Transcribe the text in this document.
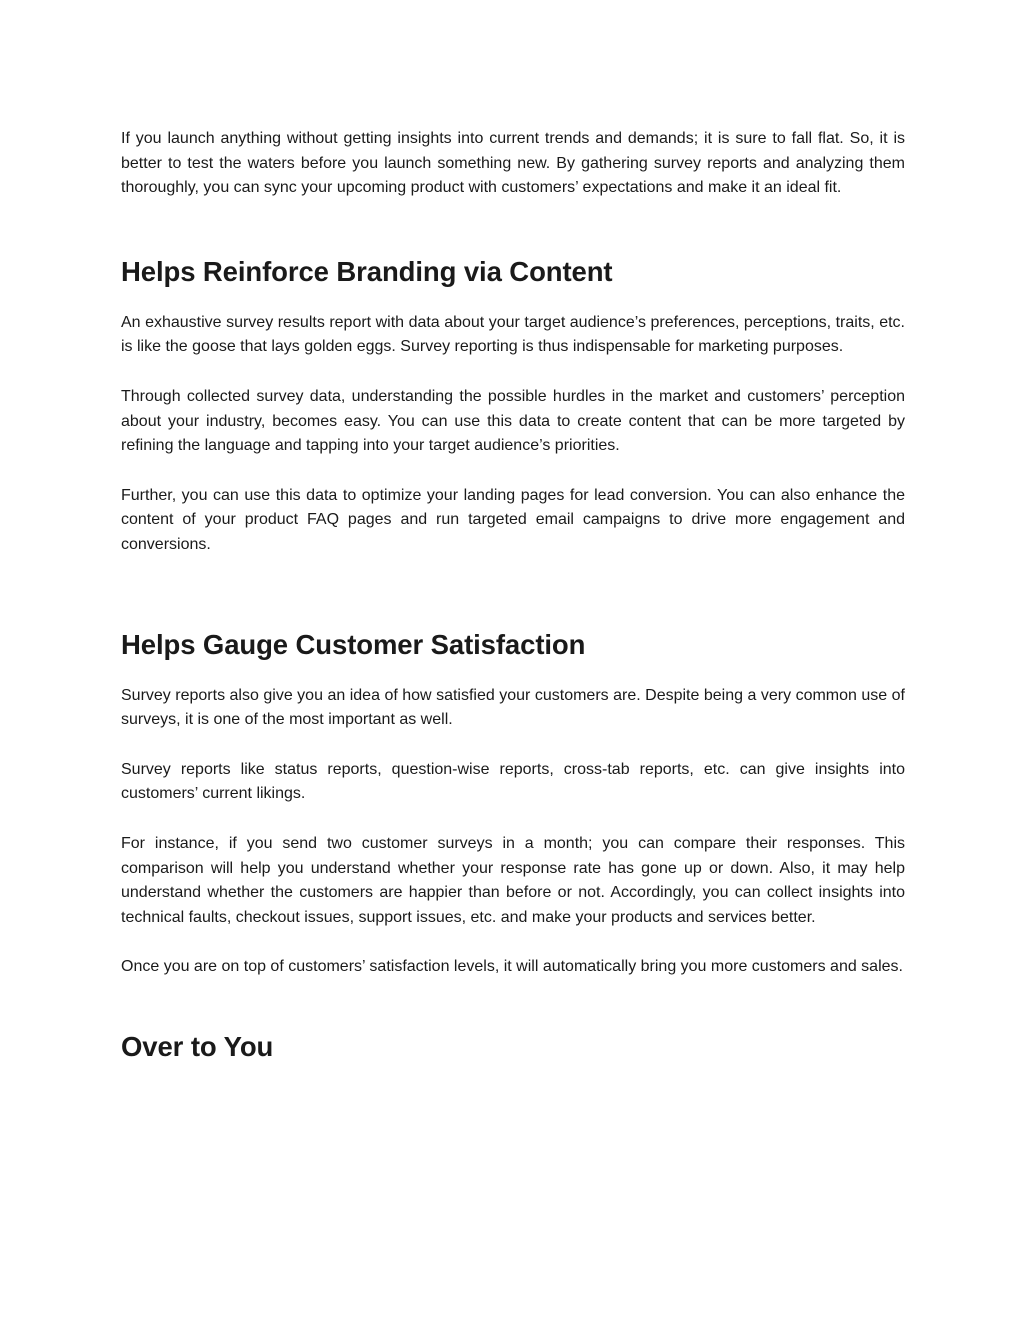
If you launch anything without getting insights into current trends and demands; it is sure to fall flat. So, it is better to test the waters before you launch something new. By gathering survey reports and analyzing them thoroughly, you can sync your upcoming product with customers’ expectations and make it an ideal fit.

Helps Reinforce Branding via Content

An exhaustive survey results report with data about your target audience’s preferences, perceptions, traits, etc. is like the goose that lays golden eggs. Survey reporting is thus indispensable for marketing purposes.

Through collected survey data, understanding the possible hurdles in the market and customers’ perception about your industry, becomes easy. You can use this data to create content that can be more targeted by refining the language and tapping into your target audience’s priorities.

Further, you can use this data to optimize your landing pages for lead conversion. You can also enhance the content of your product FAQ pages and run targeted email campaigns to drive more engagement and conversions.

Helps Gauge Customer Satisfaction

Survey reports also give you an idea of how satisfied your customers are. Despite being a very common use of surveys, it is one of the most important as well.

Survey reports like status reports, question-wise reports, cross-tab reports, etc. can give insights into customers’ current likings.

For instance, if you send two customer surveys in a month; you can compare their responses. This comparison will help you understand whether your response rate has gone up or down. Also, it may help understand whether the customers are happier than before or not. Accordingly, you can collect insights into technical faults, checkout issues, support issues, etc. and make your products and services better.

Once you are on top of customers’ satisfaction levels, it will automatically bring you more customers and sales.

Over to You
